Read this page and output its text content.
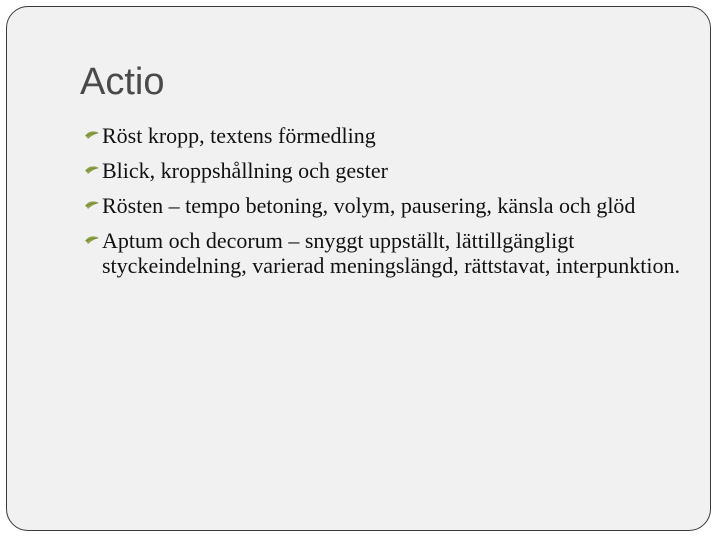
Actio
Röst kropp, textens förmedling
Blick, kroppshållning och gester
Rösten – tempo betoning, volym, pausering, känsla och glöd
Aptum och decorum – snyggt uppställt, lättillgängligt styckeindelning, varierad meningslängd, rättstavat, interpunktion.
